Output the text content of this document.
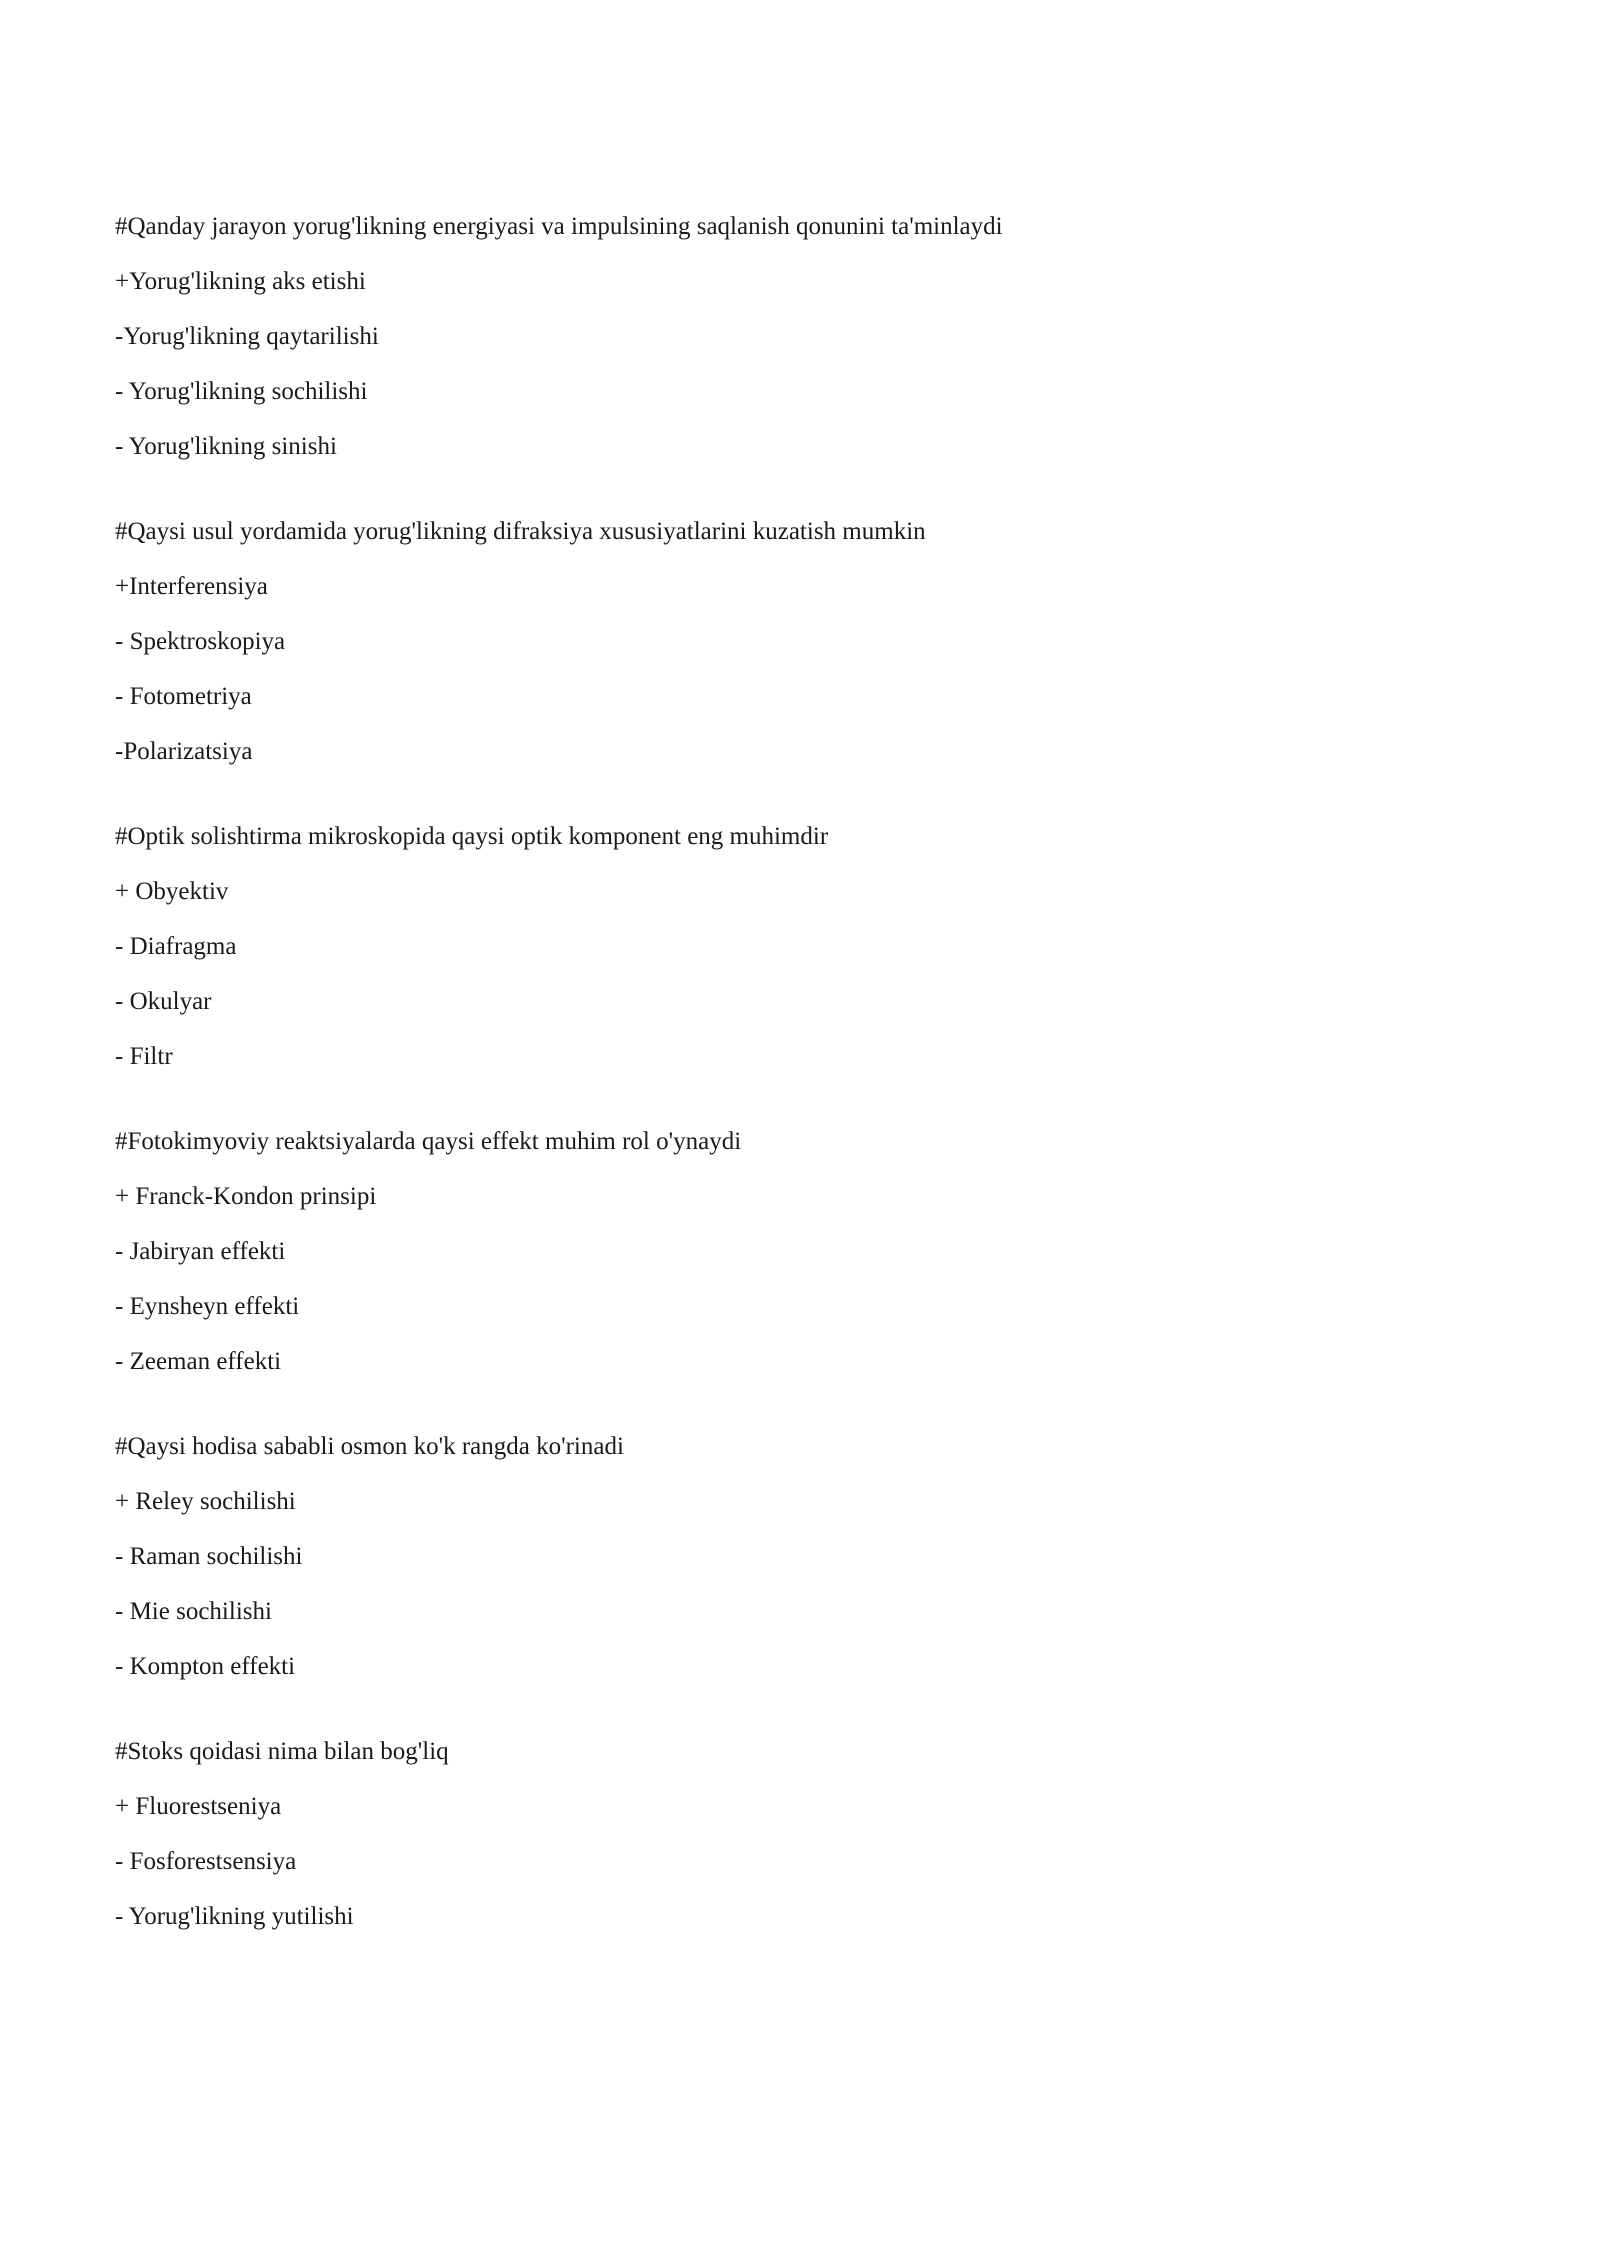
#Qanday jarayon yorug'likning energiyasi va impulsining saqlanish qonunini ta'minlaydi
+Yorug'likning aks etishi
-Yorug'likning qaytarilishi
- Yorug'likning sochilishi
- Yorug'likning sinishi
#Qaysi usul yordamida yorug'likning difraksiya xususiyatlarini kuzatish mumkin
+Interferensiya
- Spektroskopiya
- Fotometriya
-Polarizatsiya
#Optik solishtirma mikroskopida qaysi optik komponent eng muhimdir
+ Obyektiv
- Diafragma
- Okulyar
- Filtr
#Fotokimyoviy reaktsiyalarda qaysi effekt muhim rol o'ynaydi
+ Franck-Kondon prinsipi
- Jabiryan effekti
- Eynsheyn effekti
- Zeeman effekti
#Qaysi hodisa sababli osmon ko'k rangda ko'rinadi
+ Reley sochilishi
- Raman sochilishi
- Mie sochilishi
- Kompton effekti
#Stoks qoidasi nima bilan bog'liq
+ Fluorestseniya
- Fosforestsensiya
- Yorug'likning yutilishi
